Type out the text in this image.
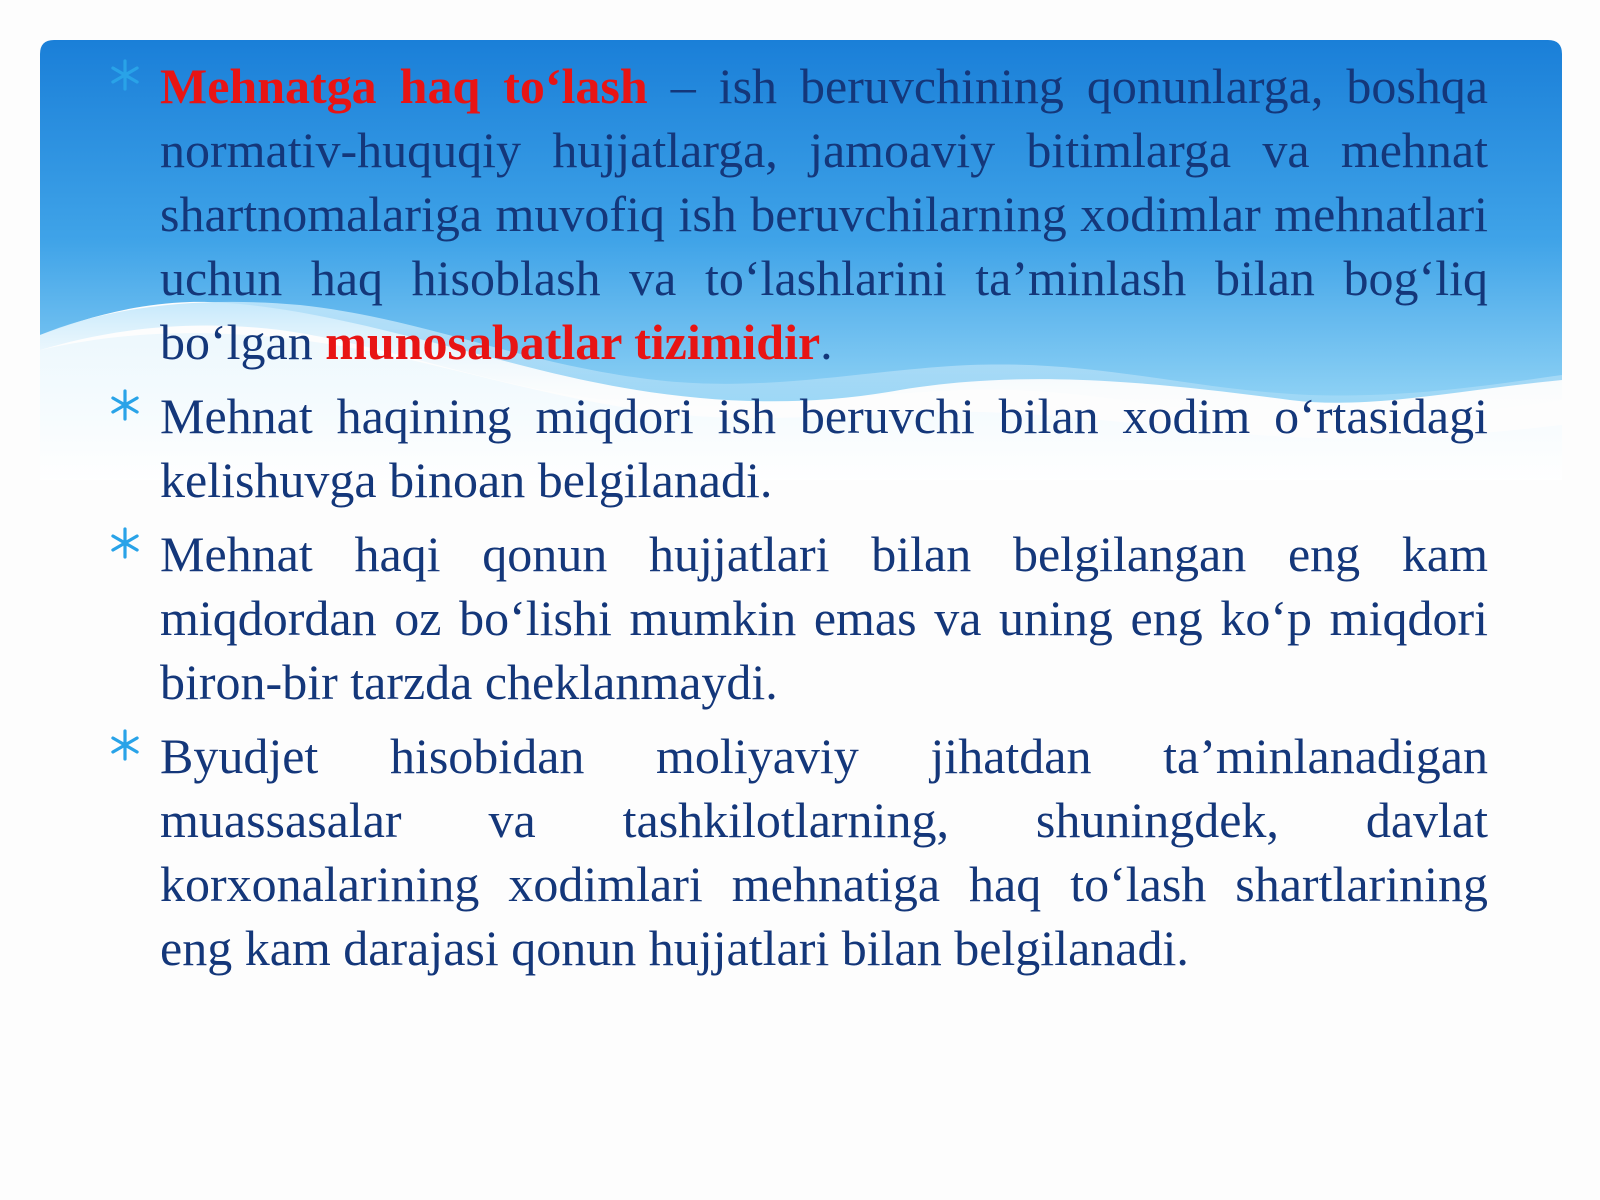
Mehnatga haq to‘lash – ish beruvchining qonunlarga, boshqa normativ-huquqiy hujjatlarga, jamoaviy bitimlarga va mehnat shartnomalariga muvofiq ish beruvchilarning xodimlar mehnatlari uchun haq hisoblash va to‘lashlarini ta’minlash bilan bog‘liq bo‘lgan munosabatlar tizimidir.

Mehnat haqining miqdori ish beruvchi bilan xodim o‘rtasidagi kelishuvga binoan belgilanadi.

Mehnat haqi qonun hujjatlari bilan belgilangan eng kam miqdordan oz bo‘lishi mumkin emas va uning eng ko‘p miqdori biron-bir tarzda cheklanmaydi.

Byudjet hisobidan moliyaviy jihatdan ta’minlanadigan muassasalar va tashkilotlarning, shuningdek, davlat korxonalarining xodimlari mehnatiga haq to‘lash shartlarining eng kam darajasi qonun hujjatlari bilan belgilanadi.
